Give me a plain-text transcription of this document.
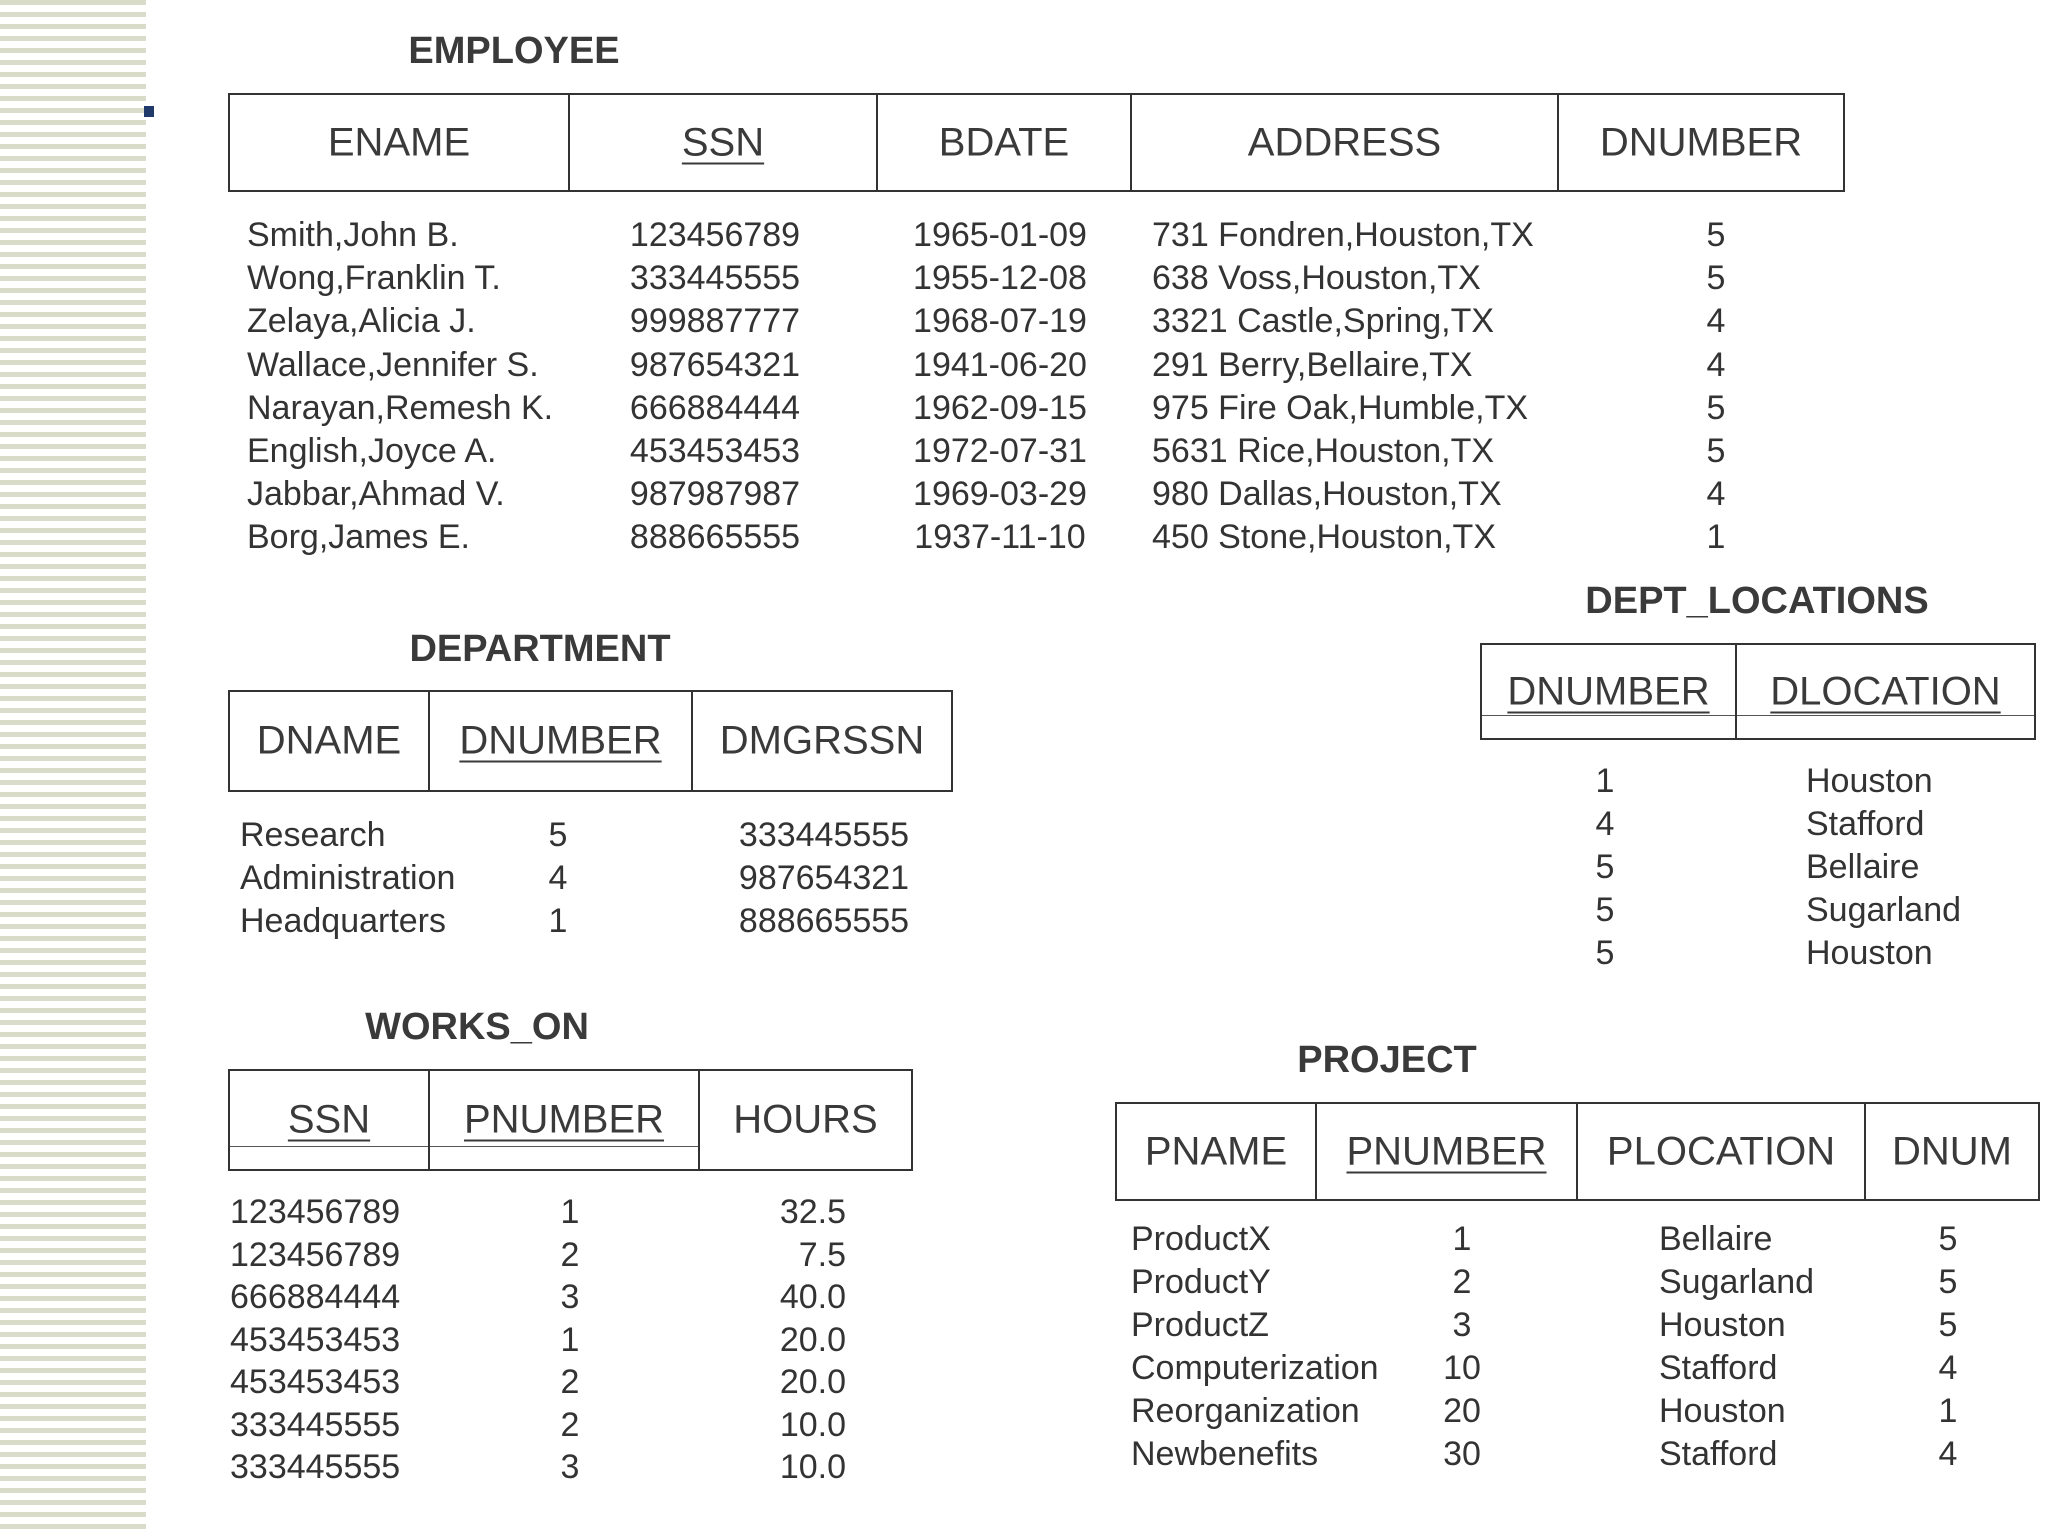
EMPLOYEE
ENAME	SSN	BDATE	ADDRESS	DNUMBER
Smith,John B.	123456789	1965-01-09 731 Fondren,Houston,TX	5
Wong,Franklin T.	333445555	1955-12-08 638 Voss,Houston,TX	5
Zelaya,Alicia J.	999887777	1968-07-19 3321 Castle,Spring,TX	4
Wallace,Jennifer S.	987654321	1941-06-20 291 Berry,Bellaire,TX	4
Narayan,Remesh K. 666884444	1962-09-15 975 Fire Oak,Humble,TX	5
English,Joyce A.	453453453	1972-07-31 5631 Rice,Houston,TX	5
Jabbar,Ahmad V.	987987987	1969-03-29 980 Dallas,Houston,TX	4
Borg,James E.	888665555	1937-11-10 450 Stone,Houston,TX	1
DEPARTMENT
DNAME	DNUMBER	DMGRSSN
Research	5	333445555
Administration	4	987654321
Headquarters	1	888665555
DEPT_LOCATIONS
DNUMBER	DLOCATION
1	Houston
4	Stafford
5	Bellaire
5	Sugarland
5	Houston
WORKS_ON
SSN	PNUMBER	HOURS
123456789	1	32.5
123456789	2	7.5
666884444	3	40.0
453453453	1	20.0
453453453	2	20.0
333445555	2	10.0
333445555	3	10.0
PROJECT
PNAME	PNUMBER	PLOCATION	DNUM
ProductX	1	Bellaire	5
ProductY	2	Sugarland	5
ProductZ	3	Houston	5
Computerization 10	Stafford	4
Reorganization 20	Houston	1
Newbenefits	30	Stafford	4
